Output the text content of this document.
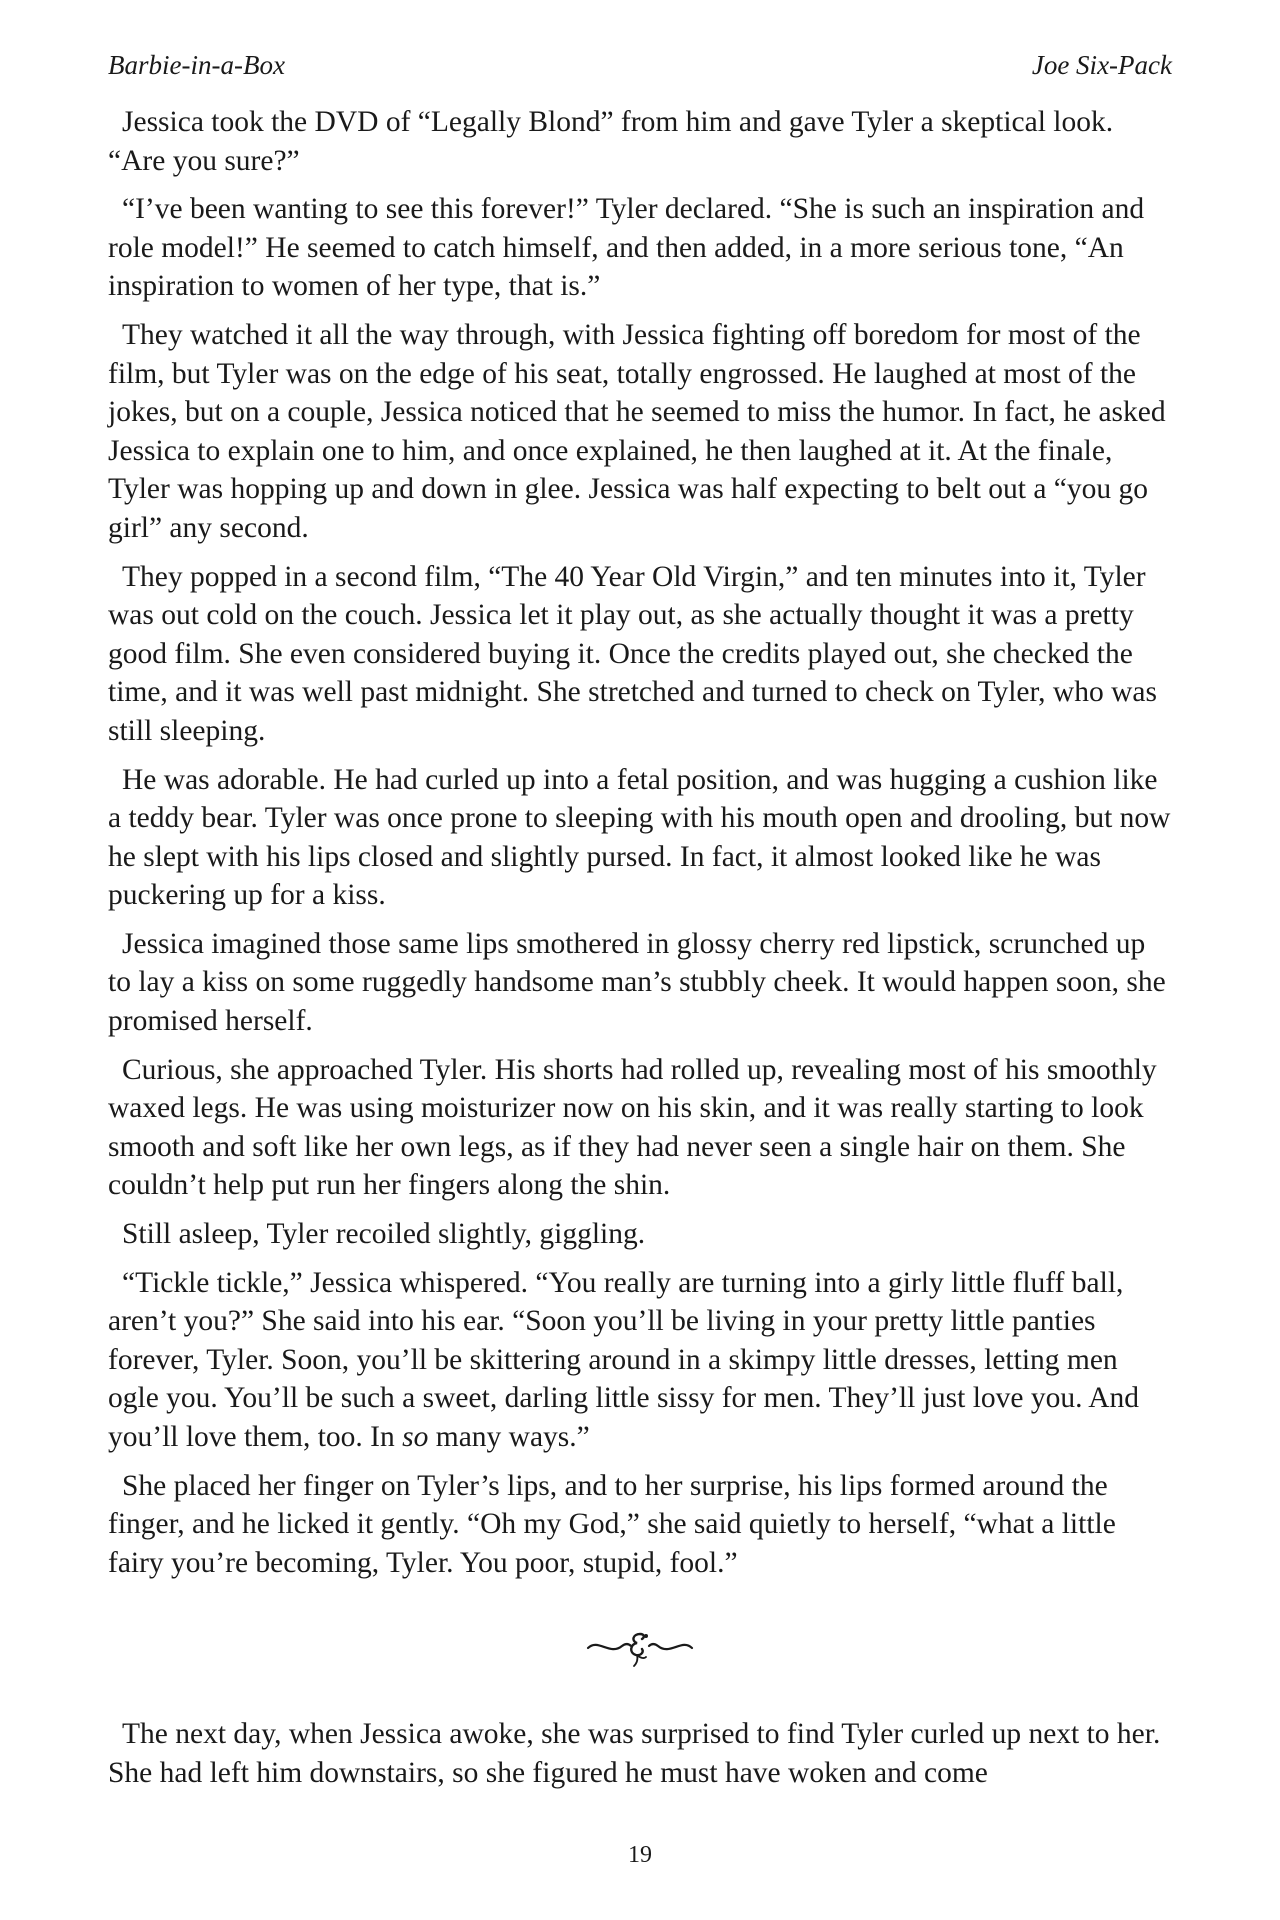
Barbie-in-a-Box	Joe Six-Pack

Jessica took the DVD of “Legally Blond” from him and gave Tyler a skeptical look. “Are you sure?”

“I’ve been wanting to see this forever!” Tyler declared. “She is such an inspiration and role model!” He seemed to catch himself, and then added, in a more serious tone, “An inspiration to women of her type, that is.”

They watched it all the way through, with Jessica fighting off boredom for most of the film, but Tyler was on the edge of his seat, totally engrossed. He laughed at most of the jokes, but on a couple, Jessica noticed that he seemed to miss the humor. In fact, he asked Jessica to explain one to him, and once explained, he then laughed at it. At the finale, Tyler was hopping up and down in glee. Jessica was half expecting to belt out a “you go girl” any second.

They popped in a second film, “The 40 Year Old Virgin,” and ten minutes into it, Tyler was out cold on the couch. Jessica let it play out, as she actually thought it was a pretty good film. She even considered buying it. Once the credits played out, she checked the time, and it was well past midnight. She stretched and turned to check on Tyler, who was still sleeping.

He was adorable. He had curled up into a fetal position, and was hugging a cushion like a teddy bear. Tyler was once prone to sleeping with his mouth open and drooling, but now he slept with his lips closed and slightly pursed. In fact, it almost looked like he was puckering up for a kiss.

Jessica imagined those same lips smothered in glossy cherry red lipstick, scrunched up to lay a kiss on some ruggedly handsome man’s stubbly cheek. It would happen soon, she promised herself.

Curious, she approached Tyler. His shorts had rolled up, revealing most of his smoothly waxed legs. He was using moisturizer now on his skin, and it was really starting to look smooth and soft like her own legs, as if they had never seen a single hair on them. She couldn’t help put run her fingers along the shin.

Still asleep, Tyler recoiled slightly, giggling.

“Tickle tickle,” Jessica whispered. “You really are turning into a girly little fluff ball, aren’t you?” She said into his ear. “Soon you’ll be living in your pretty little panties forever, Tyler. Soon, you’ll be skittering around in a skimpy little dresses, letting men ogle you. You’ll be such a sweet, darling little sissy for men. They’ll just love you. And you’ll love them, too. In so many ways.”

She placed her finger on Tyler’s lips, and to her surprise, his lips formed around the finger, and he licked it gently. “Oh my God,” she said quietly to herself, “what a little fairy you’re becoming, Tyler. You poor, stupid, fool.”

The next day, when Jessica awoke, she was surprised to find Tyler curled up next to her. She had left him downstairs, so she figured he must have woken and come

19
